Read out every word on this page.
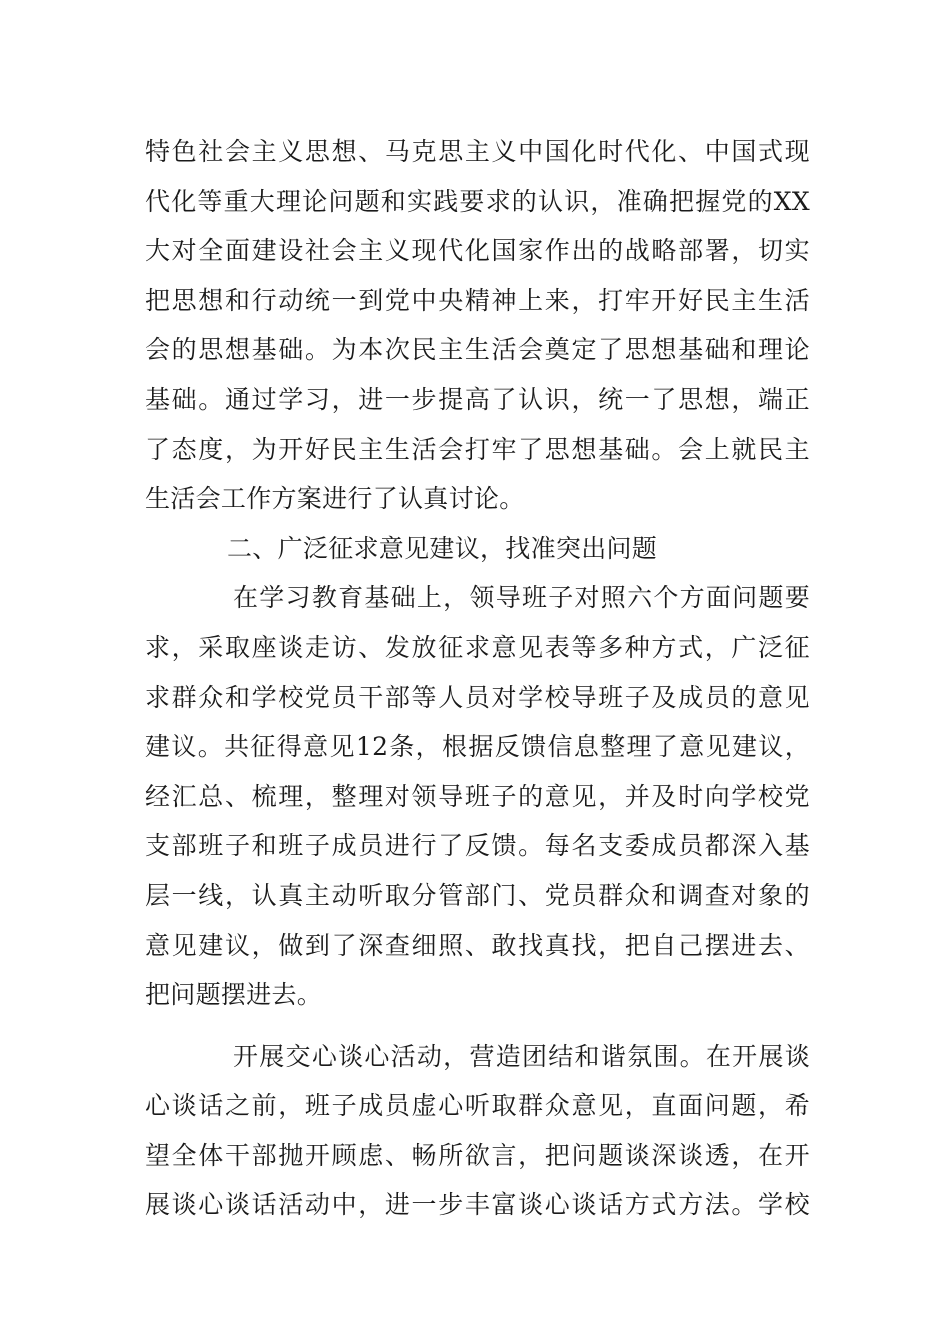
特色社会主义思想、马克思主义中国化时代化、中国式现
代化等重大理论问题和实践要求的认识，准确把握党的XX
大对全面建设社会主义现代化国家作出的战略部署，切实
把思想和行动统一到党中央精神上来，打牢开好民主生活
会的思想基础。为本次民主生活会奠定了思想基础和理论
基础。通过学习，进一步提高了认识，统一了思想，端正
了态度，为开好民主生活会打牢了思想基础。会上就民主
生活会工作方案进行了认真讨论。
二、广泛征求意见建议，找准突出问题
在学习教育基础上，领导班子对照六个方面问题要
求，采取座谈走访、发放征求意见表等多种方式，广泛征
求群众和学校党员干部等人员对学校导班子及成员的意见
建议。共征得意见12条，根据反馈信息整理了意见建议，
经汇总、梳理，整理对领导班子的意见，并及时向学校党
支部班子和班子成员进行了反馈。每名支委成员都深入基
层一线，认真主动听取分管部门、党员群众和调查对象的
意见建议，做到了深查细照、敢找真找，把自己摆进去、
把问题摆进去。
开展交心谈心活动，营造团结和谐氛围。在开展谈
心谈话之前，班子成员虚心听取群众意见，直面问题，希
望全体干部抛开顾虑、畅所欲言，把问题谈深谈透，在开
展谈心谈话活动中，进一步丰富谈心谈话方式方法。学校
